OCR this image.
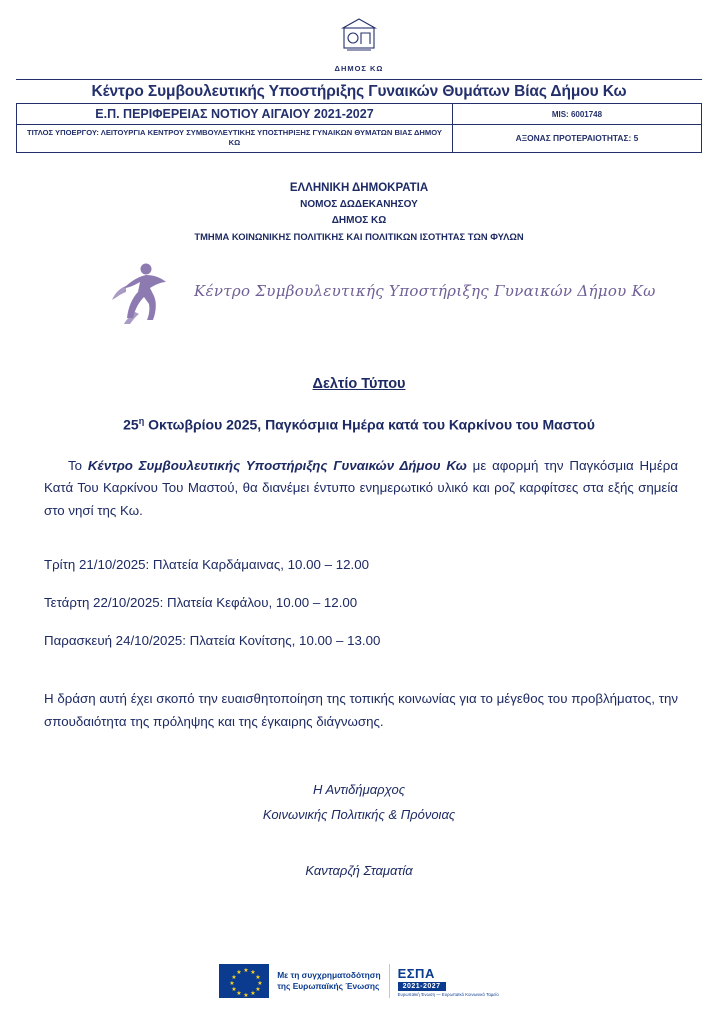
ΔΗΜΟΣ ΚΩ
Κέντρο Συμβουλευτικής Υποστήριξης Γυναικών Θυμάτων Βίας Δήμου Κω
Ε.Π. ΠΕΡΙΦΕΡΕΙΑΣ ΝΟΤΙΟΥ ΑΙΓΑΙΟΥ 2021-2027	MIS: 6001748
ΤΙΤΛΟΣ ΥΠΟΕΡΓΟΥ: ΛΕΙΤΟΥΡΓΙΑ ΚΕΝΤΡΟΥ ΣΥΜΒΟΥΛΕΥΤΙΚΗΣ ΥΠΟΣΤΗΡΙΞΗΣ ΓΥΝΑΙΚΩΝ ΘΥΜΑΤΩΝ ΒΙΑΣ ΔΗΜΟΥ ΚΩ	ΑΞΟΝΑΣ ΠΡΟΤΕΡΑΙΟΤΗΤΑΣ: 5
ΕΛΛΗΝΙΚΗ ΔΗΜΟΚΡΑΤΙΑ
ΝΟΜΟΣ ΔΩΔΕΚΑΝΗΣΟΥ
ΔΗΜΟΣ ΚΩ
ΤΜΗΜΑ ΚΟΙΝΩΝΙΚΗΣ ΠΟΛΙΤΙΚΗΣ ΚΑΙ ΠΟΛΙΤΙΚΩΝ ΙΣΟΤΗΤΑΣ ΤΩΝ ΦΥΛΩΝ
Κέντρο Συμβουλευτικής Υποστήριξης Γυναικών Δήμου Κω
Δελτίο Τύπου
$25^\eta$ Οκτωβρίου 2025, Παγκόσμια Ημέρα κατά του Καρκίνου του Μαστού
Το Κέντρο Συμβουλευτικής Υποστήριξης Γυναικών Δήμου Κω με αφορμή την Παγκόσμια Ημέρα Κατά Του Καρκίνου Του Μαστού, θα διανέμει έντυπο ενημερωτικό υλικό και ροζ καρφίτσες στα εξής σημεία στο νησί της Κω.
Τρίτη 21/10/2025: Πλατεία Καρδάμαινας, 10.00 – 12.00
Τετάρτη 22/10/2025: Πλατεία Κεφάλου, 10.00 – 12.00
Παρασκευή 24/10/2025: Πλατεία Κονίτσης, 10.00 – 13.00
Η δράση αυτή έχει σκοπό την ευαισθητοποίηση της τοπικής κοινωνίας για το μέγεθος του προβλήματος, την σπουδαιότητα της πρόληψης και της έγκαιρης διάγνωσης.
Η Αντιδήμαρχος
Κοινωνικής Πολιτικής & Πρόνοιας
Κανταρζή Σταματία
★ ★
★
★
★
★
★
★
★
★
★
★	Με τη συγχρηματοδότηση
της Ευρωπαϊκής Ένωσης
ΕΣΠΑ
2021-2027
Ευρωπαϊκή Ένωση — Ευρωπαϊκό Κοινωνικό Ταμείο
